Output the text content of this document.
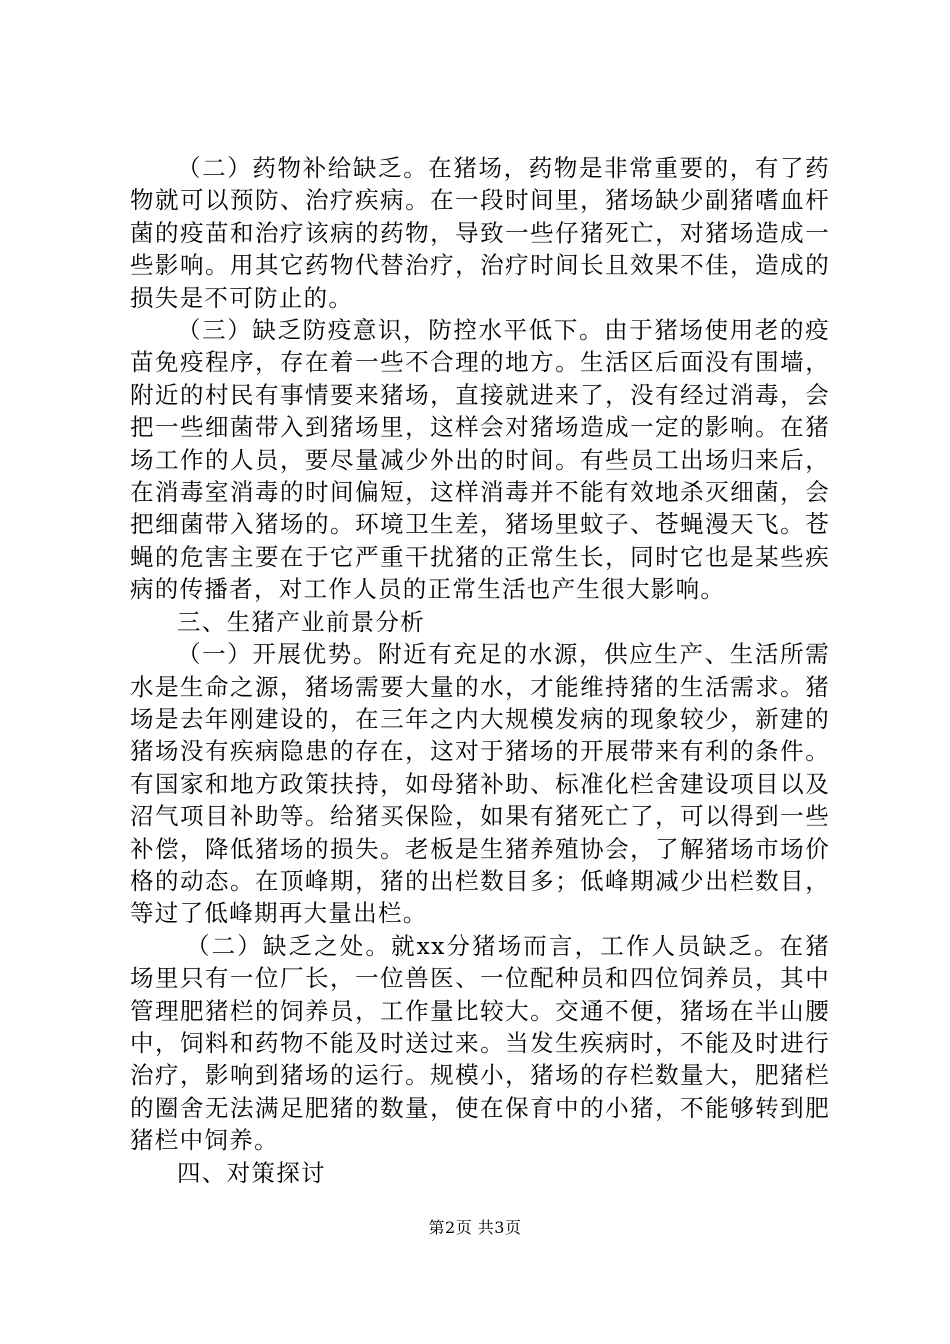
（二）药物补给缺乏。在猪场，药物是非常重要的，有了药物就可以预防、治疗疾病。在一段时间里，猪场缺少副猪嗜血杆菌的疫苗和治疗该病的药物，导致一些仔猪死亡，对猪场造成一些影响。用其它药物代替治疗，治疗时间长且效果不佳，造成的损失是不可防止的。

（三）缺乏防疫意识，防控水平低下。由于猪场使用老的疫苗免疫程序，存在着一些不合理的地方。生活区后面没有围墙，附近的村民有事情要来猪场，直接就进来了，没有经过消毒，会把一些细菌带入到猪场里，这样会对猪场造成一定的影响。在猪场工作的人员，要尽量减少外出的时间。有些员工出场归来后，在消毒室消毒的时间偏短，这样消毒并不能有效地杀灭细菌，会把细菌带入猪场的。环境卫生差，猪场里蚊子、苍蝇漫天飞。苍蝇的危害主要在于它严重干扰猪的正常生长，同时它也是某些疾病的传播者，对工作人员的正常生活也产生很大影响。

三、生猪产业前景分析

（一）开展优势。附近有充足的水源，供应生产、生活所需水是生命之源，猪场需要大量的水，才能维持猪的生活需求。猪场是去年刚建设的，在三年之内大规模发病的现象较少，新建的猪场没有疾病隐患的存在，这对于猪场的开展带来有利的条件。有国家和地方政策扶持，如母猪补助、标准化栏舍建设项目以及沼气项目补助等。给猪买保险，如果有猪死亡了，可以得到一些补偿，降低猪场的损失。老板是生猪养殖协会，了解猪场市场价格的动态。在顶峰期，猪的出栏数目多；低峰期减少出栏数目，等过了低峰期再大量出栏。

（二）缺乏之处。就xx分猪场而言，工作人员缺乏。在猪场里只有一位厂长，一位兽医、一位配种员和四位饲养员，其中管理肥猪栏的饲养员，工作量比较大。交通不便，猪场在半山腰中，饲料和药物不能及时送过来。当发生疾病时，不能及时进行治疗，影响到猪场的运行。规模小，猪场的存栏数量大，肥猪栏的圈舍无法满足肥猪的数量，使在保育中的小猪，不能够转到肥猪栏中饲养。

四、对策探讨

第2页 共3页
